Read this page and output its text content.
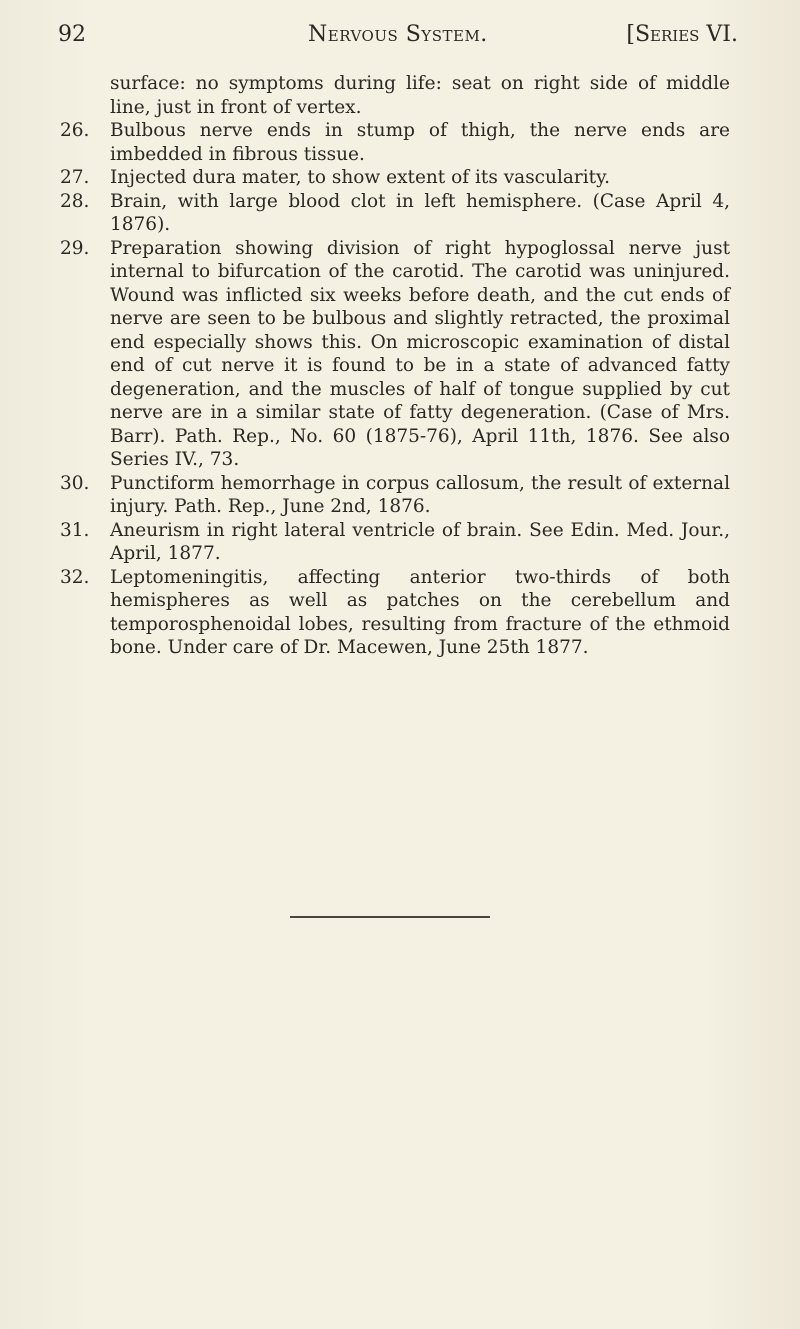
92	Nervous System.	[Series VI.

surface: no symptoms during life: seat on right side of middle line, just in front of vertex.

26. Bulbous nerve ends in stump of thigh, the nerve ends are imbedded in fibrous tissue.

27. Injected dura mater, to show extent of its vascularity.

28. Brain, with large blood clot in left hemisphere. (Case April 4, 1876).

29. Preparation showing division of right hypoglossal nerve just internal to bifurcation of the carotid. The carotid was uninjured. Wound was inflicted six weeks before death, and the cut ends of nerve are seen to be bulbous and slightly retracted, the proximal end especially shows this. On microscopic examination of distal end of cut nerve it is found to be in a state of advanced fatty degeneration, and the muscles of half of tongue supplied by cut nerve are in a similar state of fatty degeneration. (Case of Mrs. Barr). Path. Rep., No. 60 (1875-76), April 11th, 1876. See also Series IV., 73.

30. Punctiform hemorrhage in corpus callosum, the result of external injury. Path. Rep., June 2nd, 1876.

31. Aneurism in right lateral ventricle of brain. See Edin. Med. Jour., April, 1877.

32. Leptomeningitis, affecting anterior two-thirds of both hemispheres as well as patches on the cerebellum and temporosphenoidal lobes, resulting from fracture of the ethmoid bone. Under care of Dr. Macewen, June 25th 1877.
